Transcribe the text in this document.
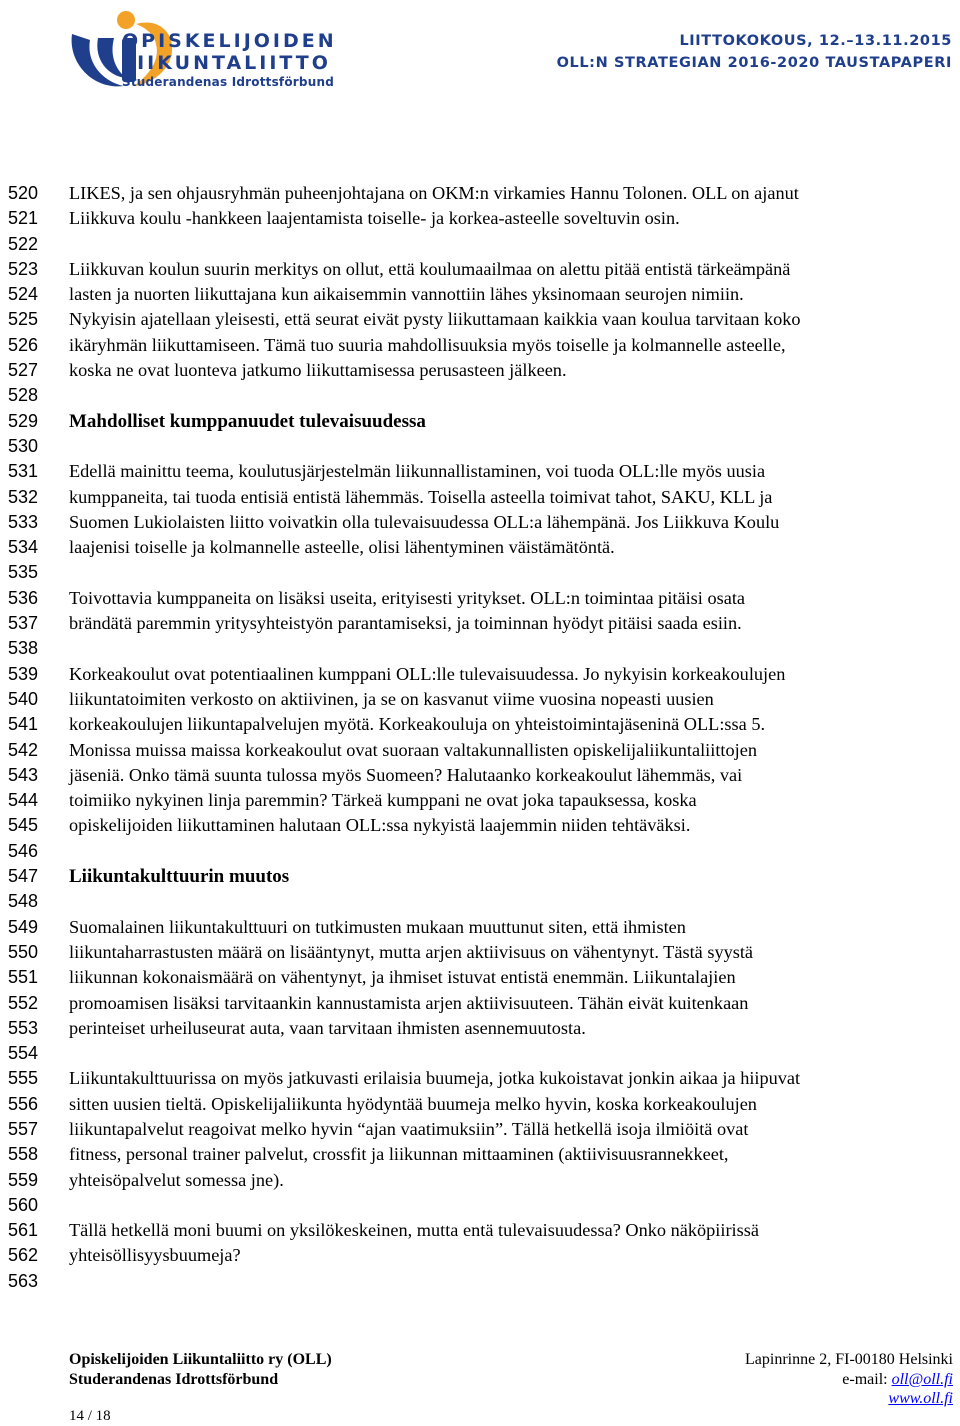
OPISKELIJOIDEN
LIIKUNTALIITTO
Studerandenas Idrottsförbund
LIITTOKOKOUS, 12.–13.11.2015
OLL:N STRATEGIAN 2016-2020 TAUSTAPAPERI
520
521
522
523
524
525
526
527
528
529
530
531
532
533
534
535
536
537
538
539
540
541
542
543
544
545
546
547
548
549
550
551
552
553
554
555
556
557
558
559
560
561
562
563
LIKES, ja sen ohjausryhmän puheenjohtajana on OKM:n virkamies Hannu Tolonen. OLL on ajanut
Liikkuva koulu -hankkeen laajentamista toiselle- ja korkea-asteelle soveltuvin osin.
Liikkuvan koulun suurin merkitys on ollut, että koulumaailmaa on alettu pitää entistä tärkeämpänä
lasten ja nuorten liikuttajana kun aikaisemmin vannottiin lähes yksinomaan seurojen nimiin.
Nykyisin ajatellaan yleisesti, että seurat eivät pysty liikuttamaan kaikkia vaan koulua tarvitaan koko
ikäryhmän liikuttamiseen. Tämä tuo suuria mahdollisuuksia myös toiselle ja kolmannelle asteelle,
koska ne ovat luonteva jatkumo liikuttamisessa perusasteen jälkeen.
Mahdolliset kumppanuudet tulevaisuudessa
Edellä mainittu teema, koulutusjärjestelmän liikunnallistaminen, voi tuoda OLL:lle myös uusia
kumppaneita, tai tuoda entisiä entistä lähemmäs. Toisella asteella toimivat tahot, SAKU, KLL ja
Suomen Lukiolaisten liitto voivatkin olla tulevaisuudessa OLL:a lähempänä. Jos Liikkuva Koulu
laajenisi toiselle ja kolmannelle asteelle, olisi lähentyminen väistämätöntä.
Toivottavia kumppaneita on lisäksi useita, erityisesti yritykset. OLL:n toimintaa pitäisi osata
brändätä paremmin yritysyhteistyön parantamiseksi, ja toiminnan hyödyt pitäisi saada esiin.
Korkeakoulut ovat potentiaalinen kumppani OLL:lle tulevaisuudessa. Jo nykyisin korkeakoulujen
liikuntatoimiten verkosto on aktiivinen, ja se on kasvanut viime vuosina nopeasti uusien
korkeakoulujen liikuntapalvelujen myötä. Korkeakouluja on yhteistoimintajäseninä OLL:ssa 5.
Monissa muissa maissa korkeakoulut ovat suoraan valtakunnallisten opiskelijaliikuntaliittojen
jäseniä. Onko tämä suunta tulossa myös Suomeen? Halutaanko korkeakoulut lähemmäs, vai
toimiiko nykyinen linja paremmin? Tärkeä kumppani ne ovat joka tapauksessa, koska
opiskelijoiden liikuttaminen halutaan OLL:ssa nykyistä laajemmin niiden tehtäväksi.
Liikuntakulttuurin muutos
Suomalainen liikuntakulttuuri on tutkimusten mukaan muuttunut siten, että ihmisten
liikuntaharrastusten määrä on lisääntynyt, mutta arjen aktiivisuus on vähentynyt. Tästä syystä
liikunnan kokonaismäärä on vähentynyt, ja ihmiset istuvat entistä enemmän. Liikuntalajien
promoamisen lisäksi tarvitaankin kannustamista arjen aktiivisuuteen. Tähän eivät kuitenkaan
perinteiset urheiluseurat auta, vaan tarvitaan ihmisten asennemuutosta.
Liikuntakulttuurissa on myös jatkuvasti erilaisia buumeja, jotka kukoistavat jonkin aikaa ja hiipuvat
sitten uusien tieltä. Opiskelijaliikunta hyödyntää buumeja melko hyvin, koska korkeakoulujen
liikuntapalvelut reagoivat melko hyvin “ajan vaatimuksiin”. Tällä hetkellä isoja ilmiöitä ovat
fitness, personal trainer palvelut, crossfit ja liikunnan mittaaminen (aktiivisuusrannekkeet,
yhteisöpalvelut somessa jne).
Tällä hetkellä moni buumi on yksilökeskeinen, mutta entä tulevaisuudessa? Onko näköpiirissä
yhteisöllisyysbuumeja?
Opiskelijoiden Liikuntaliitto ry (OLL)
Studerandenas Idrottsförbund
Lapinrinne 2, FI-00180 Helsinki
e-mail: oll@oll.fi
www.oll.fi
14 / 18
